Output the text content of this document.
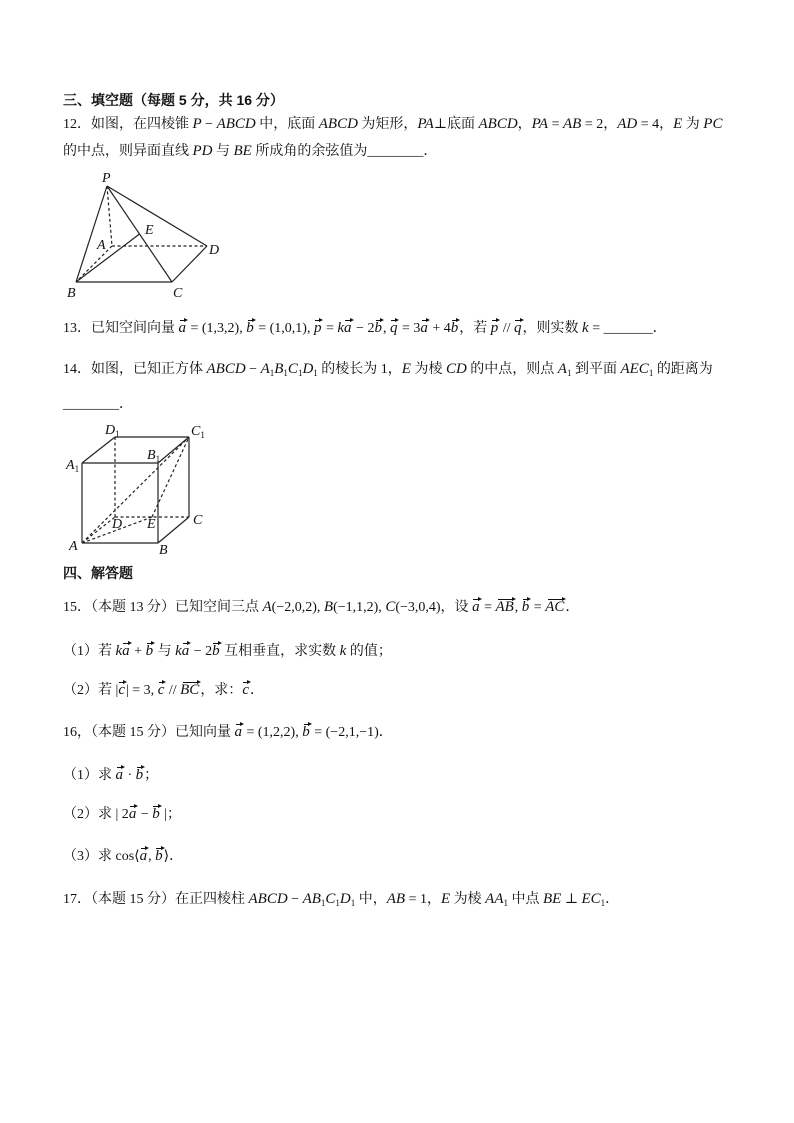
三、填空题（每题 5 分，共 16 分）
12．如图，在四棱锥 P − ABCD 中，底面 ABCD 为矩形，PA⊥底面 ABCD，PA = AB = 2，AD = 4，E 为 PC
的中点，则异面直线 PD 与 BE 所成角的余弦值为________．
P
A
E
D
B	C
13．已知空间向量 a = (1,3,2), b = (1,0,1), p = ka − 2b, q = 3a + 4b，若 p // q，则实数 k = _______．
14．如图，已知正方体 ABCD − $A_1B_1C_1D_1$ 的棱长为 1，E 为棱 CD 的中点，则点 $A_1$ 到平面 $AEC_1$ 的距离为
________．
$D_1$	$C_1$
$A_1$
$B_1$
D E	C
A	B
四、解答题
15．（本题 13 分）已知空间三点 A(−2,0,2), B(−1,1,2), C(−3,0,4)，设 a = AB, b = AC．
（1）若 ka + b 与 ka − 2b 互相垂直，求实数 k 的值；
（2）若 |c| = 3, c // BC，求：c．
16，（本题 15 分）已知向量 a = (1,2,2), b = (−2,1,−1)．
（1）求 a · b；
（2）求 | 2a − b |；
（3）求 cos⟨a, b⟩．
17．（本题 15 分）在正四棱柱 ABCD − $AB_1C_1D_1$ 中，AB = 1，E 为棱 $AA_1$ 中点 BE ⊥ $EC_1$．
